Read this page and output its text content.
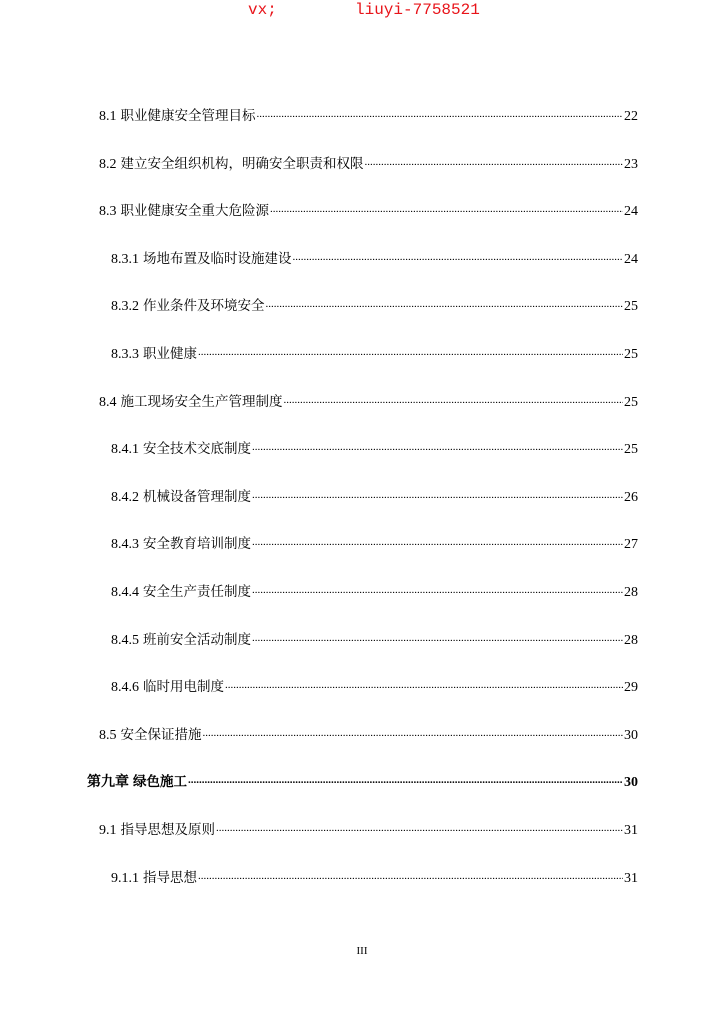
vx;	liuyi-7758521
8.1 职业健康安全管理目标 .....	22
8.2 建立安全组织机构，明确安全职责和权限 .....	23
8.3 职业健康安全重大危险源 .....	24
8.3.1 场地布置及临时设施建设 .....	24
8.3.2 作业条件及环境安全 .....	25
8.3.3 职业健康 .....	25
8.4 施工现场安全生产管理制度 .....	25
8.4.1 安全技术交底制度 .....	25
8.4.2 机械设备管理制度 .....	26
8.4.3 安全教育培训制度 .....	27
8.4.4 安全生产责任制度 .....	28
8.4.5 班前安全活动制度 .....	28
8.4.6 临时用电制度 .....	29
8.5 安全保证措施 .....	30
第九章 绿色施工 .....	30
9.1 指导思想及原则 .....	31
9.1.1 指导思想 .....	31
III
